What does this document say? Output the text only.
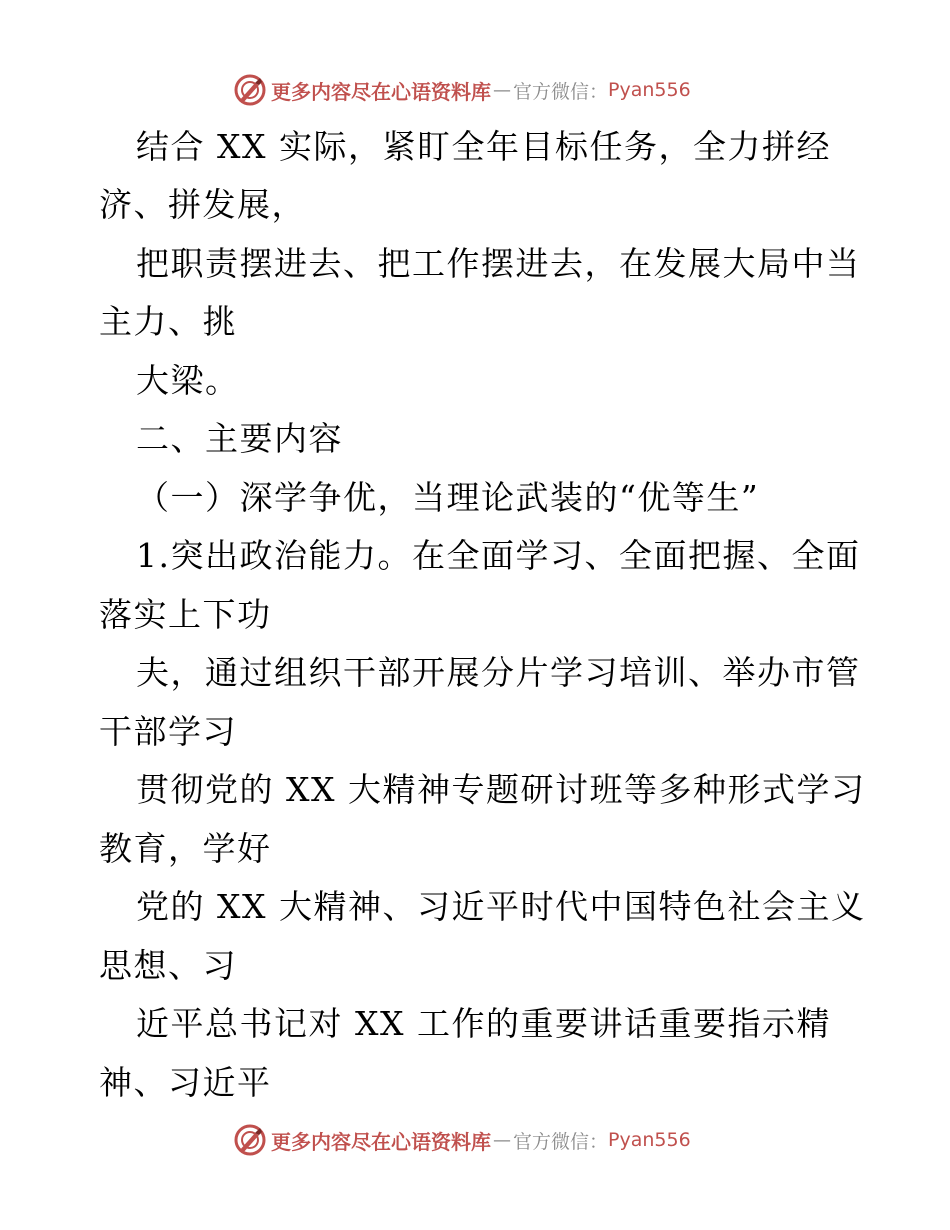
更多内容尽在心语资料库 — 官方微信： Pyan556
结合 XX 实际，紧盯全年目标任务，全力拼经
济、拼发展，
把职责摆进去、把工作摆进去，在发展大局中当
主力、挑
大梁。
二、主要内容
（一）深学争优，当理论武装的“优等生”
1.突出政治能力。在全面学习、全面把握、全面
落实上下功
夫，通过组织干部开展分片学习培训、举办市管
干部学习
贯彻党的 XX 大精神专题研讨班等多种形式学习
教育，学好
党的 XX 大精神、习近平时代中国特色社会主义
思想、习
近平总书记对 XX 工作的重要讲话重要指示精
神、习近平
更多内容尽在心语资料库 — 官方微信： Pyan556
